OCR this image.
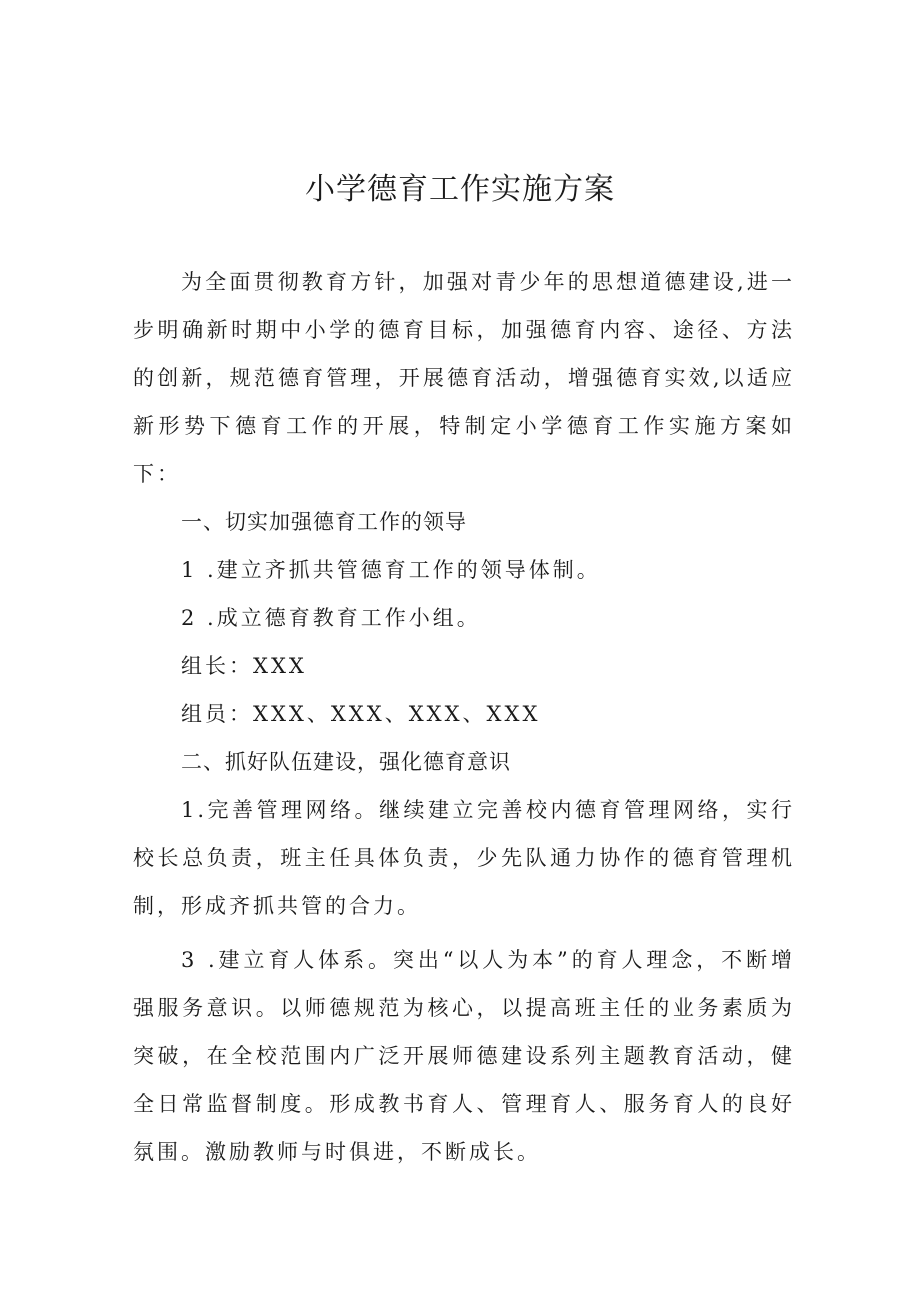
小学德育工作实施方案

为全面贯彻教育方针，加强对青少年的思想道德建设,进一步明确新时期中小学的德育目标，加强德育内容、途径、方法的创新，规范德育管理，开展德育活动，增强德育实效,以适应新形势下德育工作的开展，特制定小学德育工作实施方案如下：

一、切实加强德育工作的领导

1 .建立齐抓共管德育工作的领导体制。

2 .成立德育教育工作小组。

组长：XXX

组员：XXX、XXX、XXX、XXX

二、抓好队伍建设，强化德育意识

1.完善管理网络。继续建立完善校内德育管理网络，实行校长总负责，班主任具体负责，少先队通力协作的德育管理机制，形成齐抓共管的合力。

3 .建立育人体系。突出“以人为本”的育人理念，不断增强服务意识。以师德规范为核心，以提高班主任的业务素质为突破，在全校范围内广泛开展师德建设系列主题教育活动，健全日常监督制度。形成教书育人、管理育人、服务育人的良好氛围。激励教师与时俱进，不断成长。
